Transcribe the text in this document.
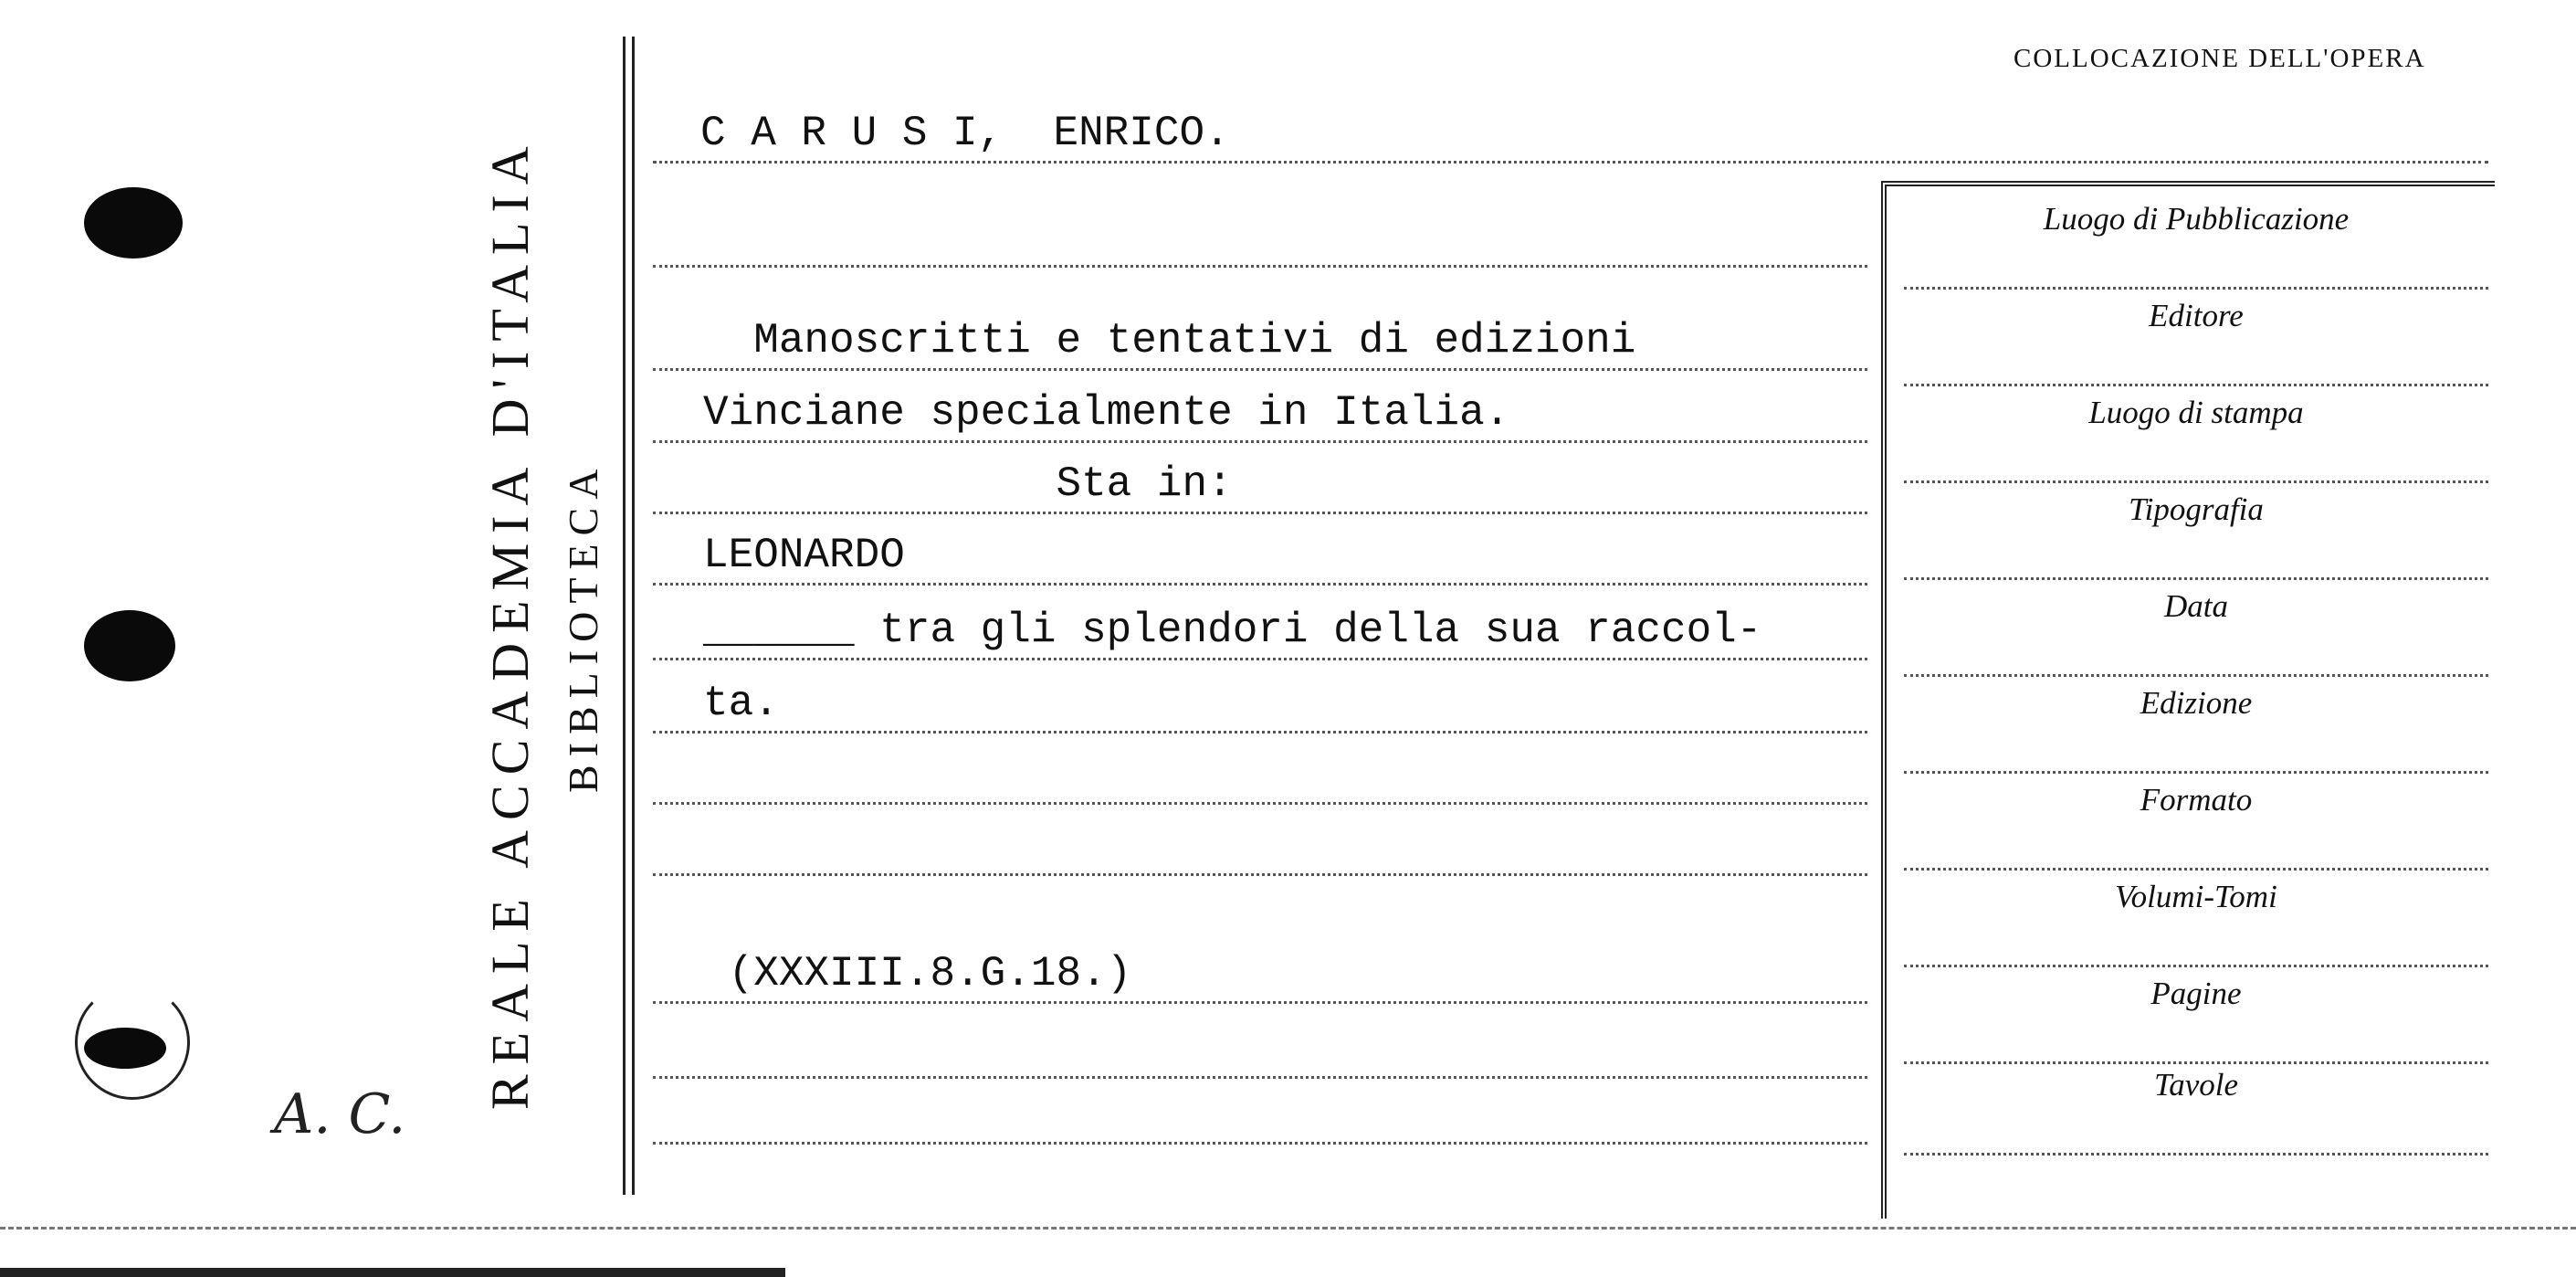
REALE ACCADEMIA D'ITALIA BIBLIOTECA
A. C.
COLLOCAZIONE DELL'OPERA
C A R U S I,  ENRICO.
Manoscritti e tentativi di edizioni
Vinciane specialmente in Italia.
Sta in:
LEONARDO
______ tra gli splendori della sua raccol-
ta.
(XXXIII.8.G.18.)
Luogo di Pubblicazione
Editore
Luogo di stampa
Tipografia
Data
Edizione
Formato
Volumi-Tomi
Pagine
Tavole
